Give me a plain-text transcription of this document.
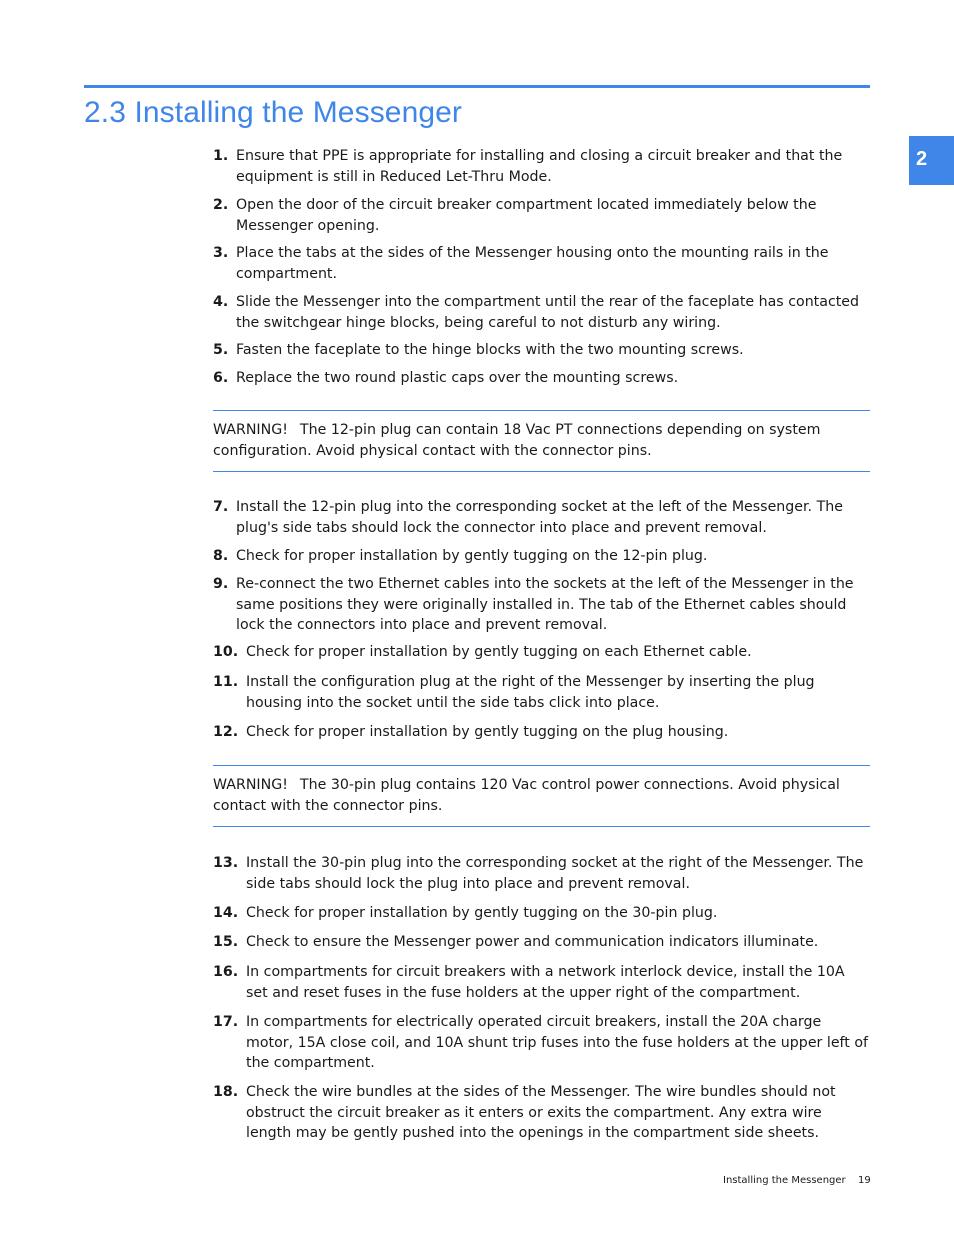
2.3 Installing the Messenger
2
1. Ensure that PPE is appropriate for installing and closing a circuit breaker and that the equipment is still in Reduced Let-Thru Mode.
2. Open the door of the circuit breaker compartment located immediately below the Messenger opening.
3. Place the tabs at the sides of the Messenger housing onto the mounting rails in the compartment.
4. Slide the Messenger into the compartment until the rear of the faceplate has contacted the switchgear hinge blocks, being careful to not disturb any wiring.
5. Fasten the faceplate to the hinge blocks with the two mounting screws.
6. Replace the two round plastic caps over the mounting screws.
WARNING! The 12-pin plug can contain 18 Vac PT connections depending on system configuration. Avoid physical contact with the connector pins.
7. Install the 12-pin plug into the corresponding socket at the left of the Messenger. The plug's side tabs should lock the connector into place and prevent removal.
8. Check for proper installation by gently tugging on the 12-pin plug.
9. Re-connect the two Ethernet cables into the sockets at the left of the Messenger in the same positions they were originally installed in. The tab of the Ethernet cables should lock the connectors into place and prevent removal.
10. Check for proper installation by gently tugging on each Ethernet cable.
11. Install the configuration plug at the right of the Messenger by inserting the plug housing into the socket until the side tabs click into place.
12. Check for proper installation by gently tugging on the plug housing.
WARNING! The 30-pin plug contains 120 Vac control power connections. Avoid physical contact with the connector pins.
13. Install the 30-pin plug into the corresponding socket at the right of the Messenger. The side tabs should lock the plug into place and prevent removal.
14. Check for proper installation by gently tugging on the 30-pin plug.
15. Check to ensure the Messenger power and communication indicators illuminate.
16. In compartments for circuit breakers with a network interlock device, install the 10A set and reset fuses in the fuse holders at the upper right of the compartment.
17. In compartments for electrically operated circuit breakers, install the 20A charge motor, 15A close coil, and 10A shunt trip fuses into the fuse holders at the upper left of the compartment.
18. Check the wire bundles at the sides of the Messenger. The wire bundles should not obstruct the circuit breaker as it enters or exits the compartment. Any extra wire length may be gently pushed into the openings in the compartment side sheets.
Installing the Messenger 19
